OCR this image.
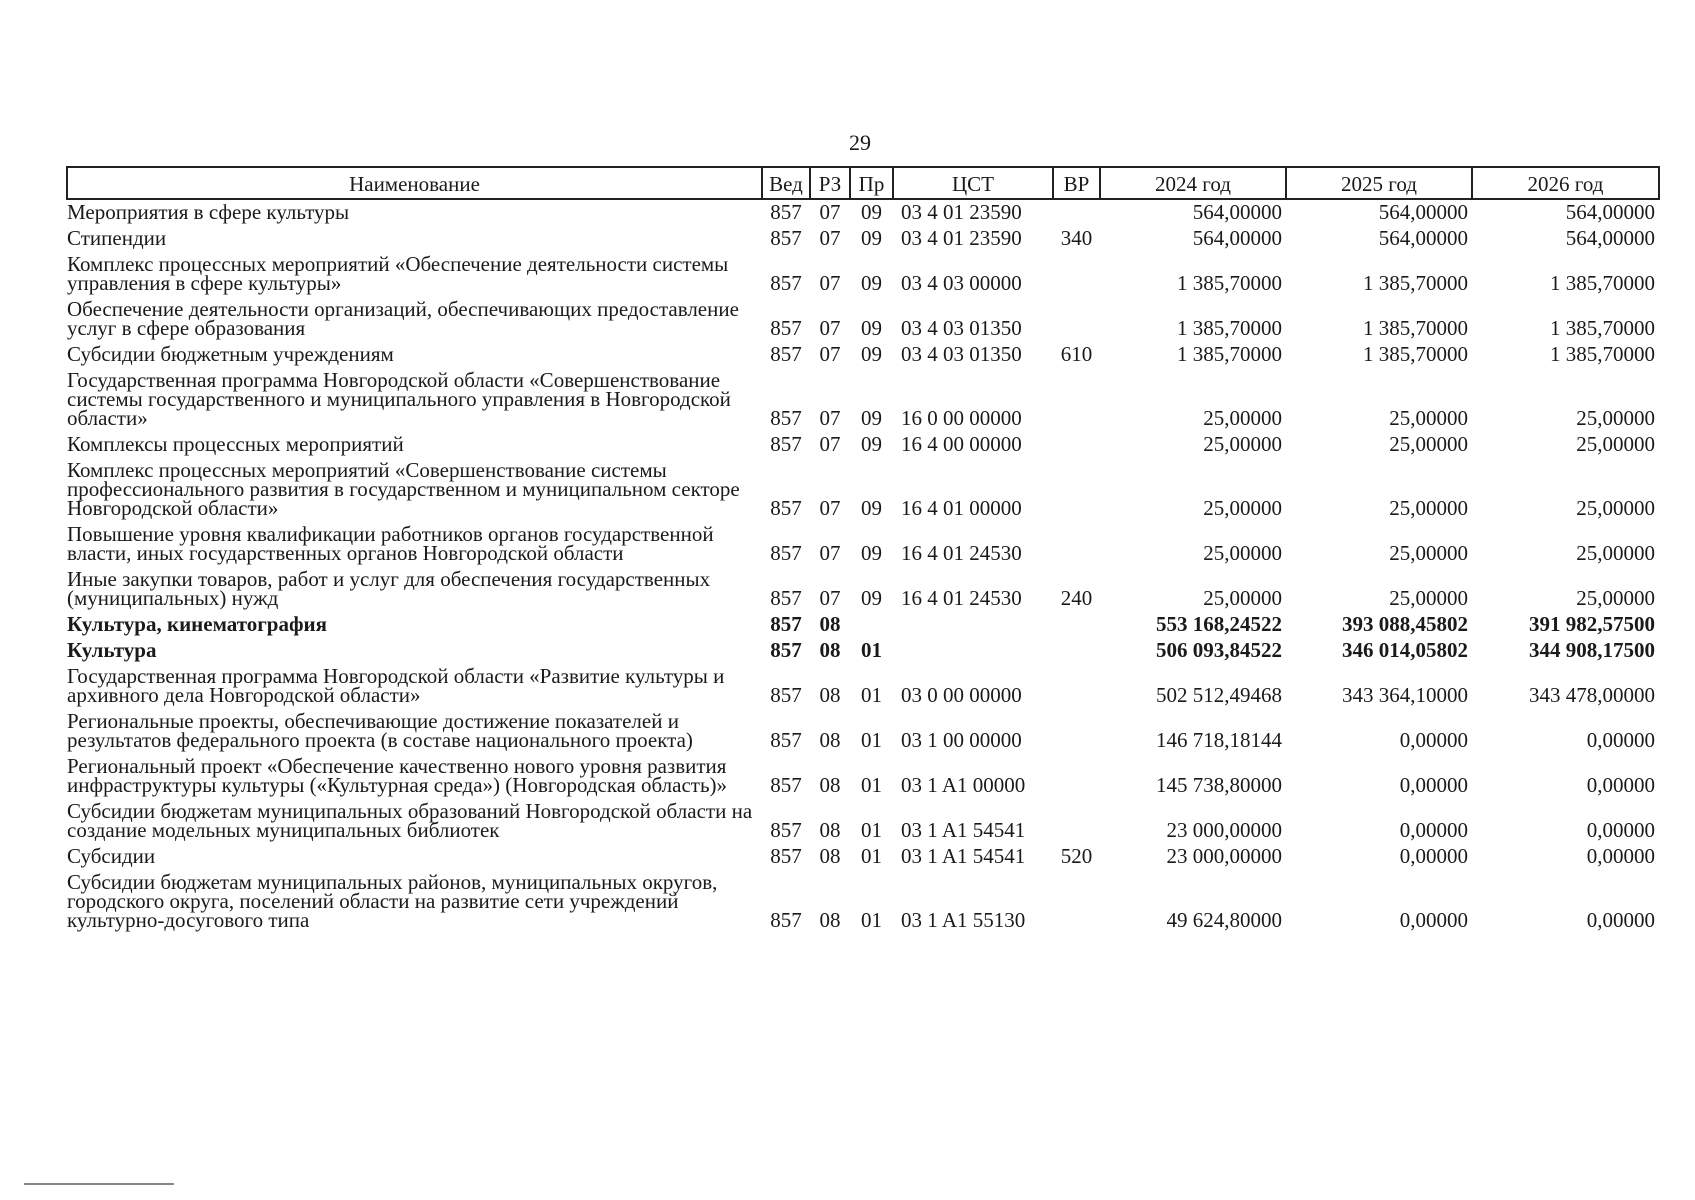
29
Наименование	Вед	РЗ	Пр	ЦСТ	ВР	2024 год	2025 год	2026 год
Мероприятия в сфере культуры	857	07	09	03 4 01 23590		564,00000	564,00000	564,00000
Стипендии	857	07	09	03 4 01 23590	340	564,00000	564,00000	564,00000
Комплекс процессных мероприятий «Обеспечение деятельности системы управления в сфере культуры»	857	07	09	03 4 03 00000		1 385,70000	1 385,70000	1 385,70000
Обеспечение деятельности организаций, обеспечивающих предоставление услуг в сфере образования	857	07	09	03 4 03 01350		1 385,70000	1 385,70000	1 385,70000
Субсидии бюджетным учреждениям	857	07	09	03 4 03 01350	610	1 385,70000	1 385,70000	1 385,70000
Государственная программа Новгородской области «Совершенствование системы государственного и муниципального управления в Новгородской области»	857	07	09	16 0 00 00000		25,00000	25,00000	25,00000
Комплексы процессных мероприятий	857	07	09	16 4 00 00000		25,00000	25,00000	25,00000
Комплекс процессных мероприятий «Совершенствование системы профессионального развития в государственном и муниципальном секторе Новгородской области»	857	07	09	16 4 01 00000		25,00000	25,00000	25,00000
Повышение уровня квалификации работников органов государственной власти, иных государственных органов Новгородской области	857	07	09	16 4 01 24530		25,00000	25,00000	25,00000
Иные закупки товаров, работ и услуг для обеспечения государственных (муниципальных) нужд	857	07	09	16 4 01 24530	240	25,00000	25,00000	25,00000
Культура, кинематография	857	08				553 168,24522	393 088,45802	391 982,57500
Культура	857	08	01			506 093,84522	346 014,05802	344 908,17500
Государственная программа Новгородской области «Развитие культуры и архивного дела Новгородской области»	857	08	01	03 0 00 00000		502 512,49468	343 364,10000	343 478,00000
Региональные проекты, обеспечивающие достижение показателей и результатов федерального проекта (в составе национального проекта)	857	08	01	03 1 00 00000		146 718,18144	0,00000	0,00000
Региональный проект «Обеспечение качественно нового уровня развития инфраструктуры культуры («Культурная среда») (Новгородская область)»	857	08	01	03 1 A1 00000		145 738,80000	0,00000	0,00000
Субсидии бюджетам муниципальных образований Новгородской области на создание модельных муниципальных библиотек	857	08	01	03 1 A1 54541		23 000,00000	0,00000	0,00000
Субсидии	857	08	01	03 1 A1 54541	520	23 000,00000	0,00000	0,00000
Субсидии бюджетам муниципальных районов, муниципальных округов, городского округа, поселений области на развитие сети учреждений культурно-досугового типа	857	08	01	03 1 A1 55130		49 624,80000	0,00000	0,00000
